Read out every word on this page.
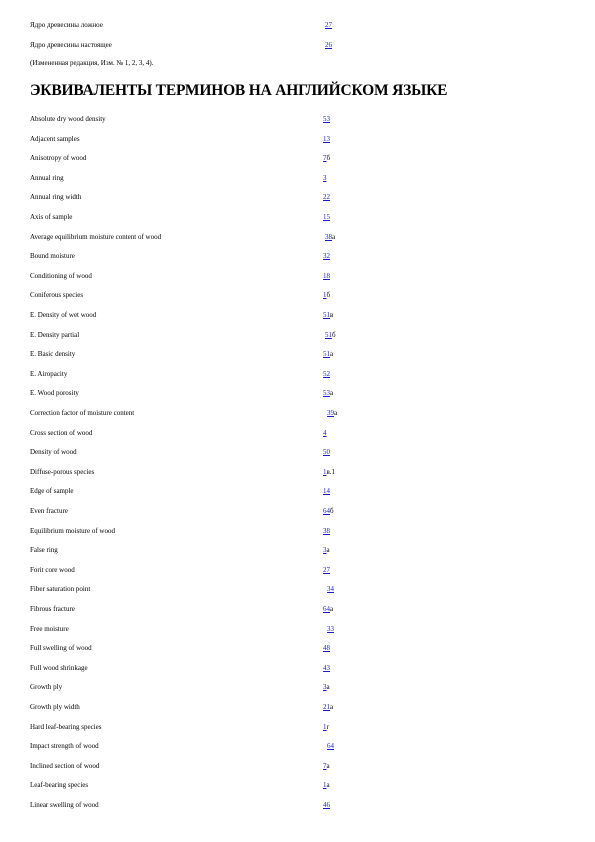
Ядро древесины ложное	27
Ядро древесины настоящее	26
(Измененная редакция, Изм. № 1, 2, 3, 4).
ЭКВИВАЛЕНТЫ ТЕРМИНОВ НА АНГЛИЙСКОМ ЯЗЫКЕ
Absolute dry wood density	53
Adjacent samples	13
Anisotropy of wood	7б
Annual ring	3
Annual ring width	22
Axis of sample	15
Average equilibrium moisture content of wood	38а
Bound moisture	32
Conditioning of wood	18
Coniferous species	1б
E. Density of wet wood	51в
E. Density partial	51б
E. Basic density	51а
E. Airopacity	52
E. Wood porosity	53а
Correction factor of moisture content	39а
Cross section of wood	4
Density of wood	50
Diffuse-porous species	1в.1
Edge of sample	14
Even fracture	64б
Equilibrium moisture of wood	38
False ring	3а
Forit core wood	27
Fiber saturation point	34
Fibrous fracture	64а
Free moisture	33
Full swelling of wood	48
Full wood shrinkage	43
Growth ply	3а
Growth ply width	21а
Hard leaf-bearing species	1г
Impact strength of wood	64
Inclined section of wood	7а
Leaf-bearing species	1а
Linear swelling of wood	46
